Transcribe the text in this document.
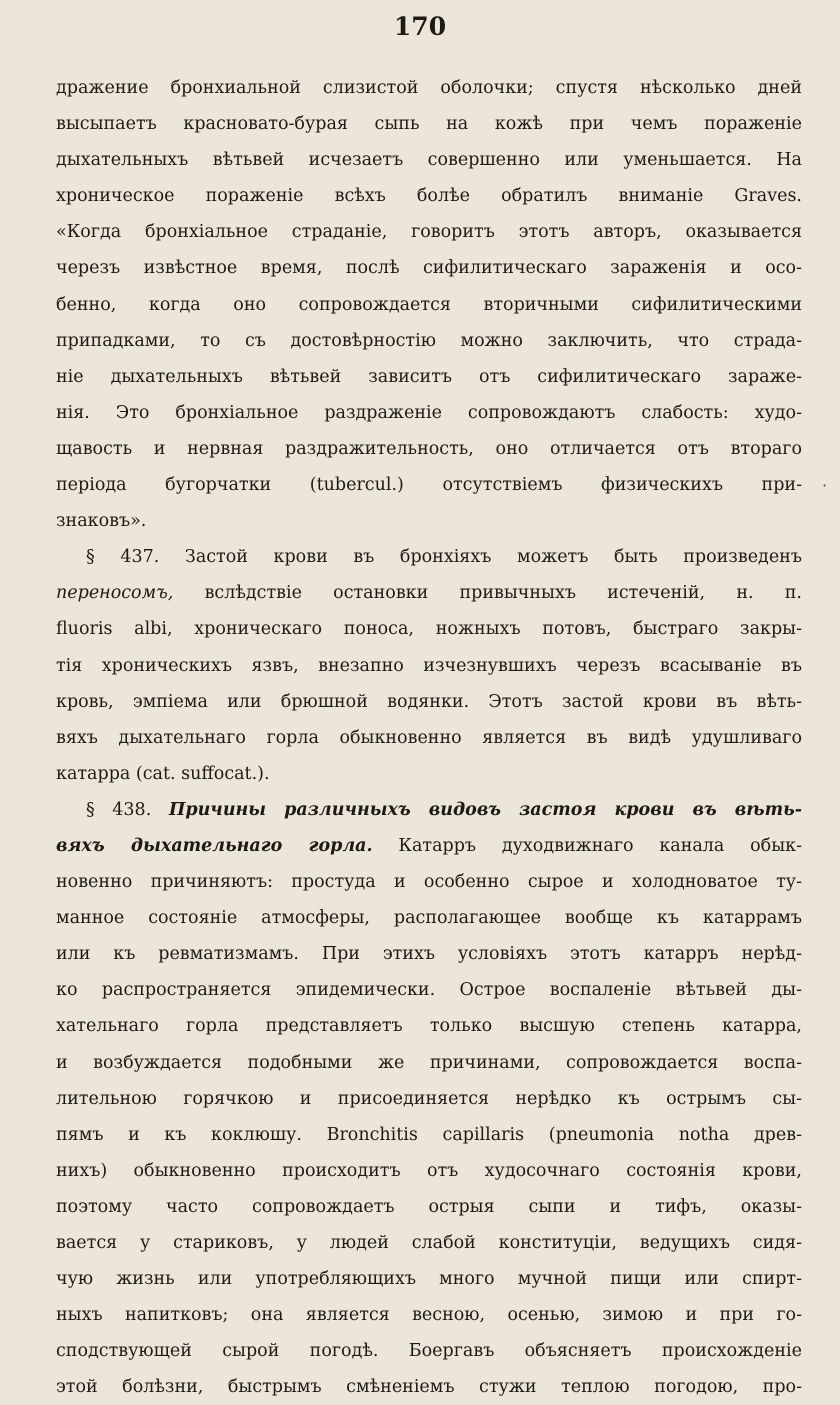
170
·
дражение бронхиальной слизистой оболочки; спустя нѣсколько дней
высыпаетъ красновато-бурая сыпь на кожѣ при чемъ пораженіе
дыхательныхъ вѣтьвей исчезаетъ совершенно или уменьшается. На
хроническое пораженіе всѣхъ болѣе обратилъ вниманіе Graves.
«Когда бронхіальное страданіе, говоритъ этотъ авторъ, оказывается
черезъ извѣстное время, послѣ сифилитическаго зараженія и осо-
бенно, когда оно сопровождается вторичными сифилитическими
припадками, то съ достовѣрностію можно заключить, что страда-
ніе дыхательныхъ вѣтьвей зависитъ отъ сифилитическаго зараже-
нія. Это бронхіальное раздраженіе сопровождаютъ слабость: худо-
щавость и нервная раздражительность, оно отличается отъ втораго
періода бугорчатки (tubercul.) отсутствіемъ физическихъ при-
знаковъ».
§ 437. Застой крови въ бронхіяхъ можетъ быть произведенъ
переносомъ, вслѣдствіе остановки привычныхъ истеченій, н. п.
fluoris albi, хроническаго поноса, ножныхъ потовъ, быстраго закры-
тія хроническихъ язвъ, внезапно изчезнувшихъ черезъ всасываніе въ
кровь, эмпіема или брюшной водянки. Этотъ застой крови въ вѣть-
вяхъ дыхательнаго горла обыкновенно является въ видѣ удушливаго
катарра (cat. suffocat.).
§ 438. Причины различныхъ видовъ застоя крови въ вѣть-
вяхъ дыхательнаго горла. Катарръ духодвижнаго канала обык-
новенно причиняютъ: простуда и особенно сырое и холодноватое ту-
манное состояніе атмосферы, располагающее вообще къ катаррамъ
или къ ревматизмамъ. При этихъ условіяхъ этотъ катарръ нерѣд-
ко распространяется эпидемически. Острое воспаленіе вѣтьвей ды-
хательнаго горла представляетъ только высшую степень катарра,
и возбуждается подобными же причинами, сопровождается воспа-
лительною горячкою и присоединяется нерѣдко къ острымъ сы-
пямъ и къ коклюшу. Bronchitis capillaris (pneumonia notha древ-
нихъ) обыкновенно происходитъ отъ худосочнаго состоянія крови,
поэтому часто сопровождаетъ острыя сыпи и тифъ, оказы-
вается у стариковъ, у людей слабой конституціи, ведущихъ сидя-
чую жизнь или употребляющихъ много мучной пищи или спирт-
ныхъ напитковъ; она является весною, осенью, зимою и при го-
сподствующей сырой погодѣ. Боергавъ объясняетъ происхожденіе
этой болѣзни, быстрымъ смѣненіемъ стужи теплою погодою, про-
